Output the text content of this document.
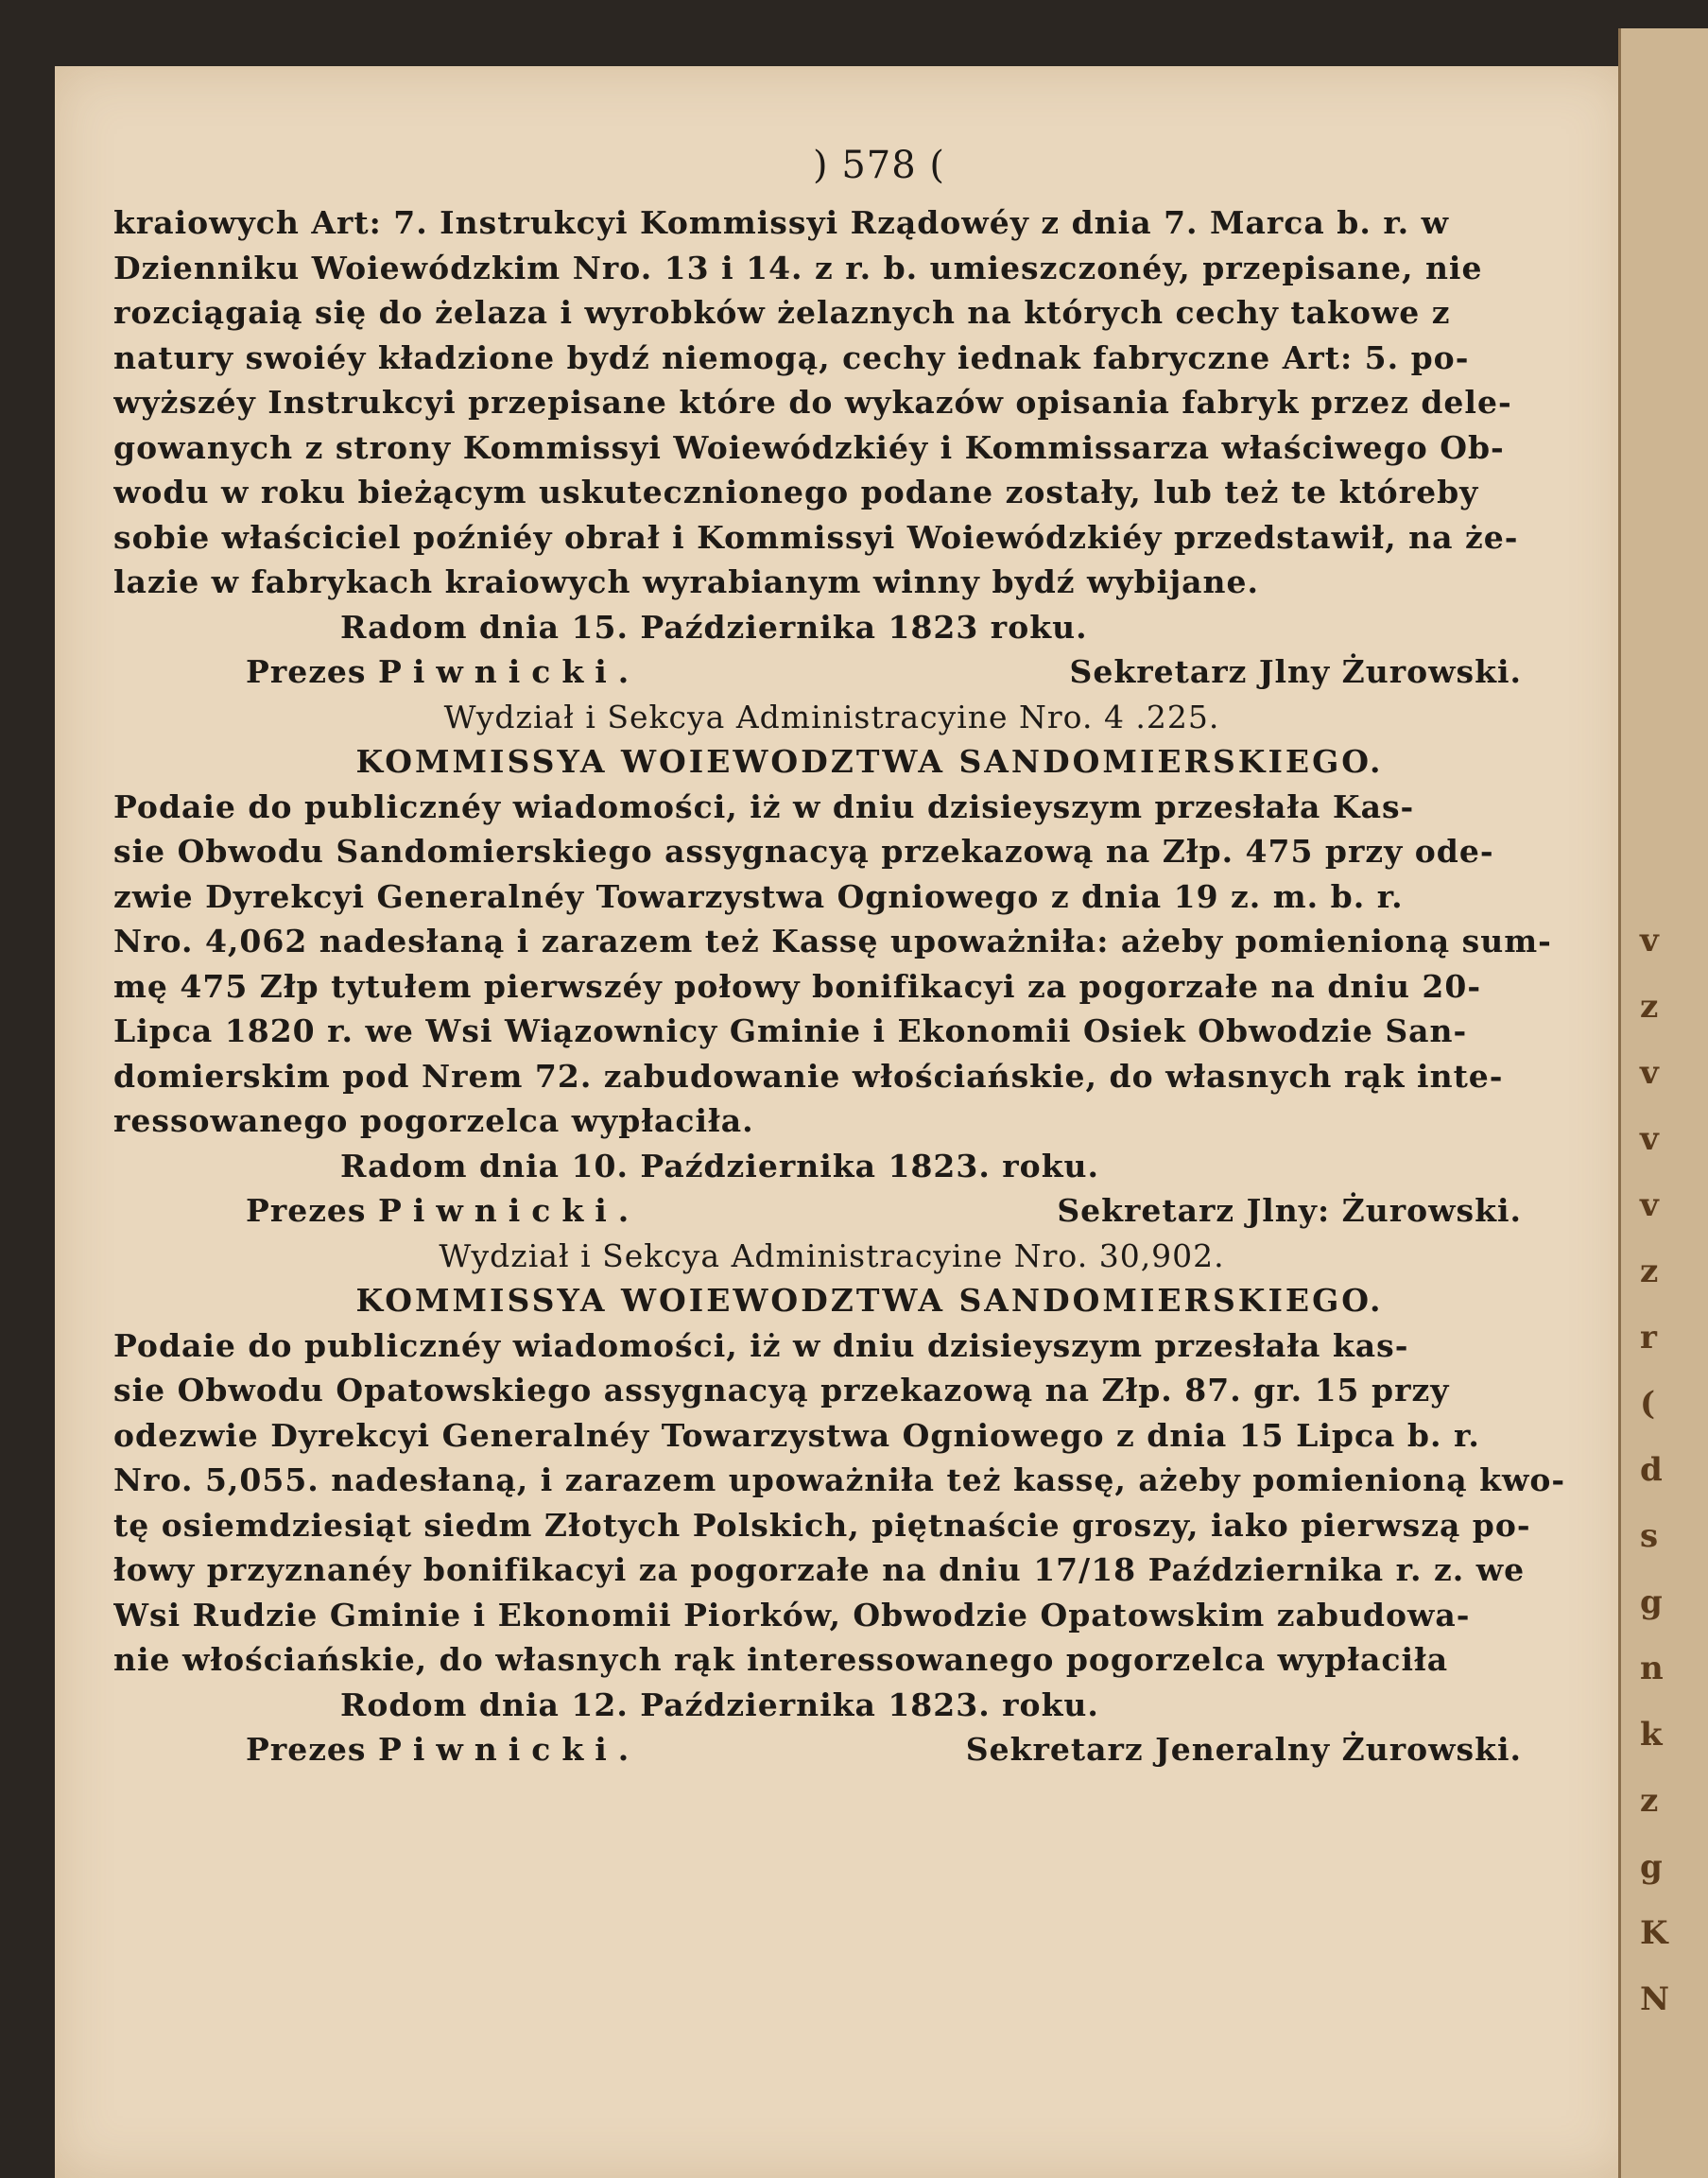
v
z
v
v
v
z
r
(
d
s
g
n
k
z
g
K
N
) 578 (
kraiowych Art: 7. Instrukcyi Kommissyi Rządowéy z dnia 7. Marca b. r. w
Dzienniku Woiewódzkim Nro. 13 i 14. z r. b. umieszczonéy, przepisane, nie
rozciągaią się do żelaza i wyrobków żelaznych na których cechy takowe z
natury swoiéy kładzione bydź niemogą, cechy iednak fabryczne Art: 5. po-
wyższéy Instrukcyi przepisane które do wykazów opisania fabryk przez dele-
gowanych z strony Kommissyi Woiewódzkiéy i Kommissarza właściwego Ob-
wodu w roku bieżącym uskutecznionego podane zostały, lub też te któreby
sobie właściciel poźniéy obrał i Kommissyi Woiewódzkiéy przedstawił, na że-
lazie w fabrykach kraiowych wyrabianym winny bydź wybijane.
Radom dnia 15. Października 1823 roku.
Prezes Piwnicki.	Sekretarz Jlny Żurowski.
Wydział i Sekcya Administracyine Nro. 4 .225.
KOMMISSYA WOIEWODZTWA SANDOMIERSKIEGO.
Podaie do publicznéy wiadomości, iż w dniu dzisieyszym przesłała Kas-
sie Obwodu Sandomierskiego assygnacyą przekazową na Złp. 475 przy ode-
zwie Dyrekcyi Generalnéy Towarzystwa Ogniowego z dnia 19 z. m. b. r.
Nro. 4,062 nadesłaną i zarazem też Kassę upoważniła: ażeby pomienioną sum-
mę 475 Złp tytułem pierwszéy połowy bonifikacyi za pogorzałe na dniu 20-
Lipca 1820 r. we Wsi Wiązownicy Gminie i Ekonomii Osiek Obwodzie San-
domierskim pod Nrem 72. zabudowanie włościańskie, do własnych rąk inte-
ressowanego pogorzelca wypłaciła.
Radom dnia 10. Października 1823. roku.
Prezes Piwnicki.	Sekretarz Jlny: Żurowski.
Wydział i Sekcya Administracyine Nro. 30,902.
KOMMISSYA WOIEWODZTWA SANDOMIERSKIEGO.
Podaie do publicznéy wiadomości, iż w dniu dzisieyszym przesłała kas-
sie Obwodu Opatowskiego assygnacyą przekazową na Złp. 87. gr. 15 przy
odezwie Dyrekcyi Generalnéy Towarzystwa Ogniowego z dnia 15 Lipca b. r.
Nro. 5,055. nadesłaną, i zarazem upoważniła też kassę, ażeby pomienioną kwo-
tę osiemdziesiąt siedm Złotych Polskich, piętnaście groszy, iako pierwszą po-
łowy przyznanéy bonifikacyi za pogorzałe na dniu 17/18 Października r. z. we
Wsi Rudzie Gminie i Ekonomii Piorków, Obwodzie Opatowskim zabudowa-
nie włościańskie, do własnych rąk interessowanego pogorzelca wypłaciła
Rodom dnia 12. Października 1823. roku.
Prezes Piwnicki.	Sekretarz Jeneralny Żurowski.
